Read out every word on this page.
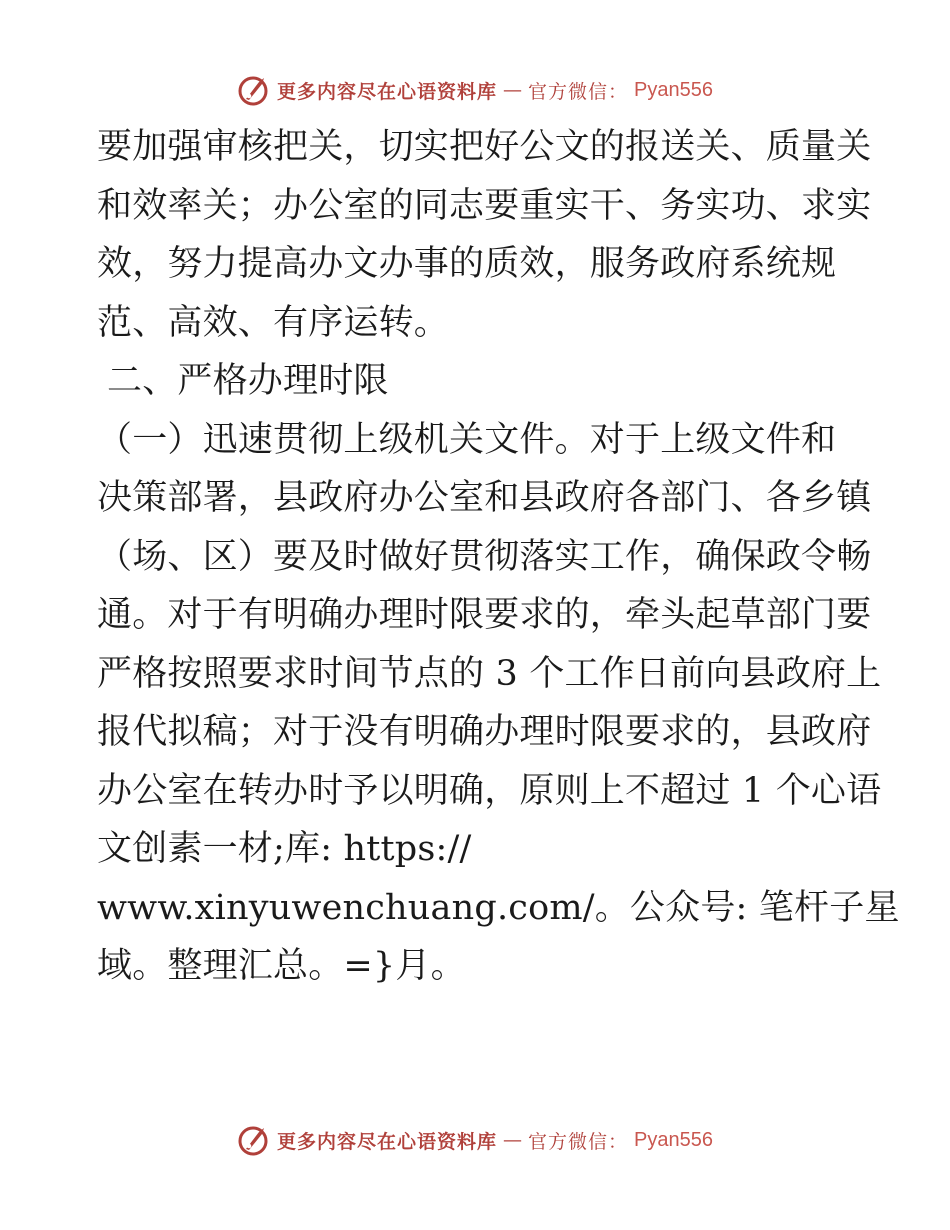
更多内容尽在心语资料库 — 官方微信： Pyan556
要加强审核把关，切实把好公文的报送关、质量关
和效率关；办公室的同志要重实干、务实功、求实
效，努力提高办文办事的质效，服务政府系统规
范、高效、有序运转。
二、严格办理时限
（一）迅速贯彻上级机关文件。对于上级文件和
决策部署，县政府办公室和县政府各部门、各乡镇
（场、区）要及时做好贯彻落实工作，确保政令畅
通。对于有明确办理时限要求的，牵头起草部门要
严格按照要求时间节点的 3 个工作日前向县政府上
报代拟稿；对于没有明确办理时限要求的，县政府
办公室在转办时予以明确，原则上不超过 1 个心语
文创素一材;库: https://
www.xinyuwenchuang.com/。公众号: 笔杆子星
域。整理汇总。=}月。
更多内容尽在心语资料库 — 官方微信： Pyan556
